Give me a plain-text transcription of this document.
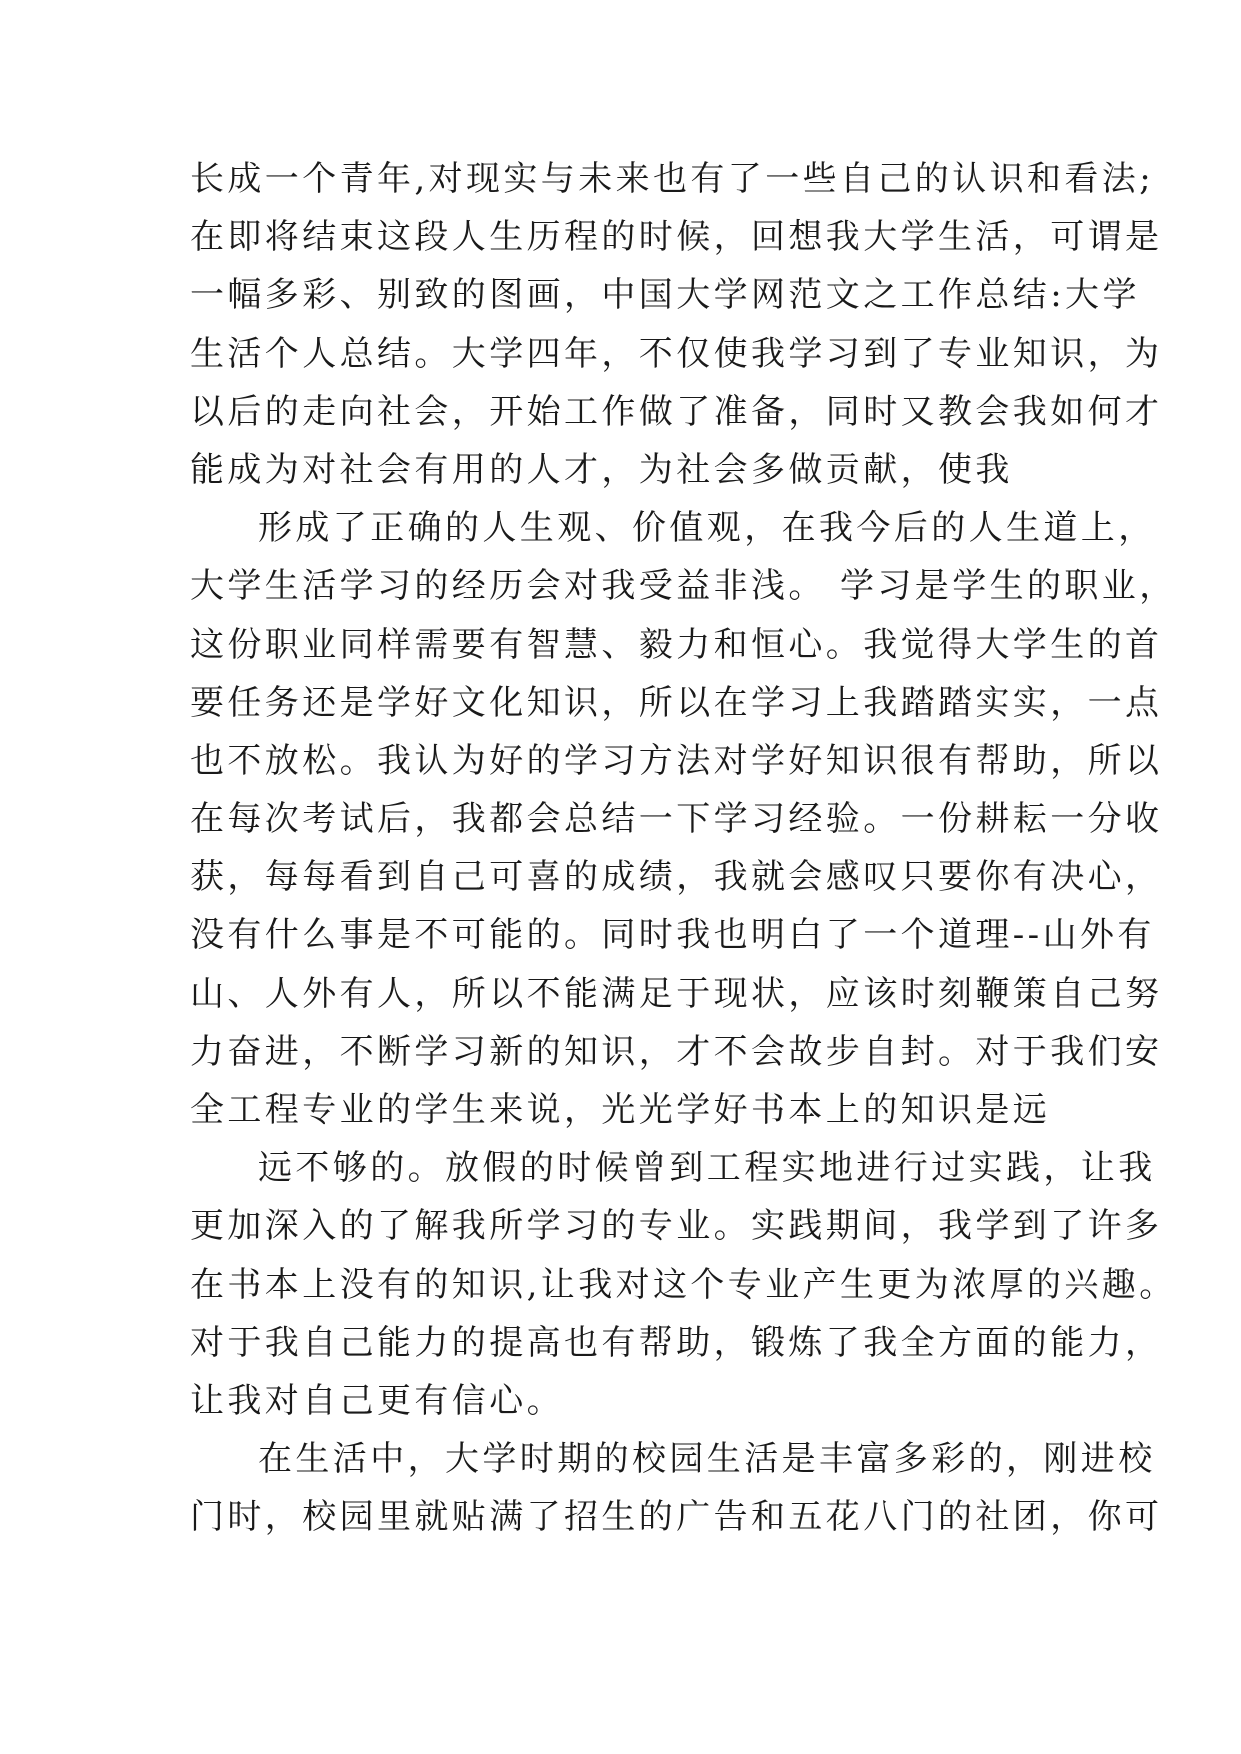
长成一个青年,对现实与未来也有了一些自己的认识和看法;
在即将结束这段人生历程的时候，回想我大学生活，可谓是
一幅多彩、别致的图画，中国大学网范文之工作总结:大学
生活个人总结。大学四年，不仅使我学习到了专业知识，为
以后的走向社会，开始工作做了准备，同时又教会我如何才
能成为对社会有用的人才，为社会多做贡献，使我
形成了正确的人生观、价值观，在我今后的人生道上，
大学生活学习的经历会对我受益非浅。 学习是学生的职业，
这份职业同样需要有智慧、毅力和恒心。我觉得大学生的首
要任务还是学好文化知识，所以在学习上我踏踏实实，一点
也不放松。我认为好的学习方法对学好知识很有帮助，所以
在每次考试后，我都会总结一下学习经验。一份耕耘一分收
获，每每看到自己可喜的成绩，我就会感叹只要你有决心，
没有什么事是不可能的。同时我也明白了一个道理--山外有
山、人外有人，所以不能满足于现状，应该时刻鞭策自己努
力奋进，不断学习新的知识，才不会故步自封。对于我们安
全工程专业的学生来说，光光学好书本上的知识是远
远不够的。放假的时候曾到工程实地进行过实践，让我
更加深入的了解我所学习的专业。实践期间，我学到了许多
在书本上没有的知识,让我对这个专业产生更为浓厚的兴趣。
对于我自己能力的提高也有帮助，锻炼了我全方面的能力，
让我对自己更有信心。
在生活中，大学时期的校园生活是丰富多彩的，刚进校
门时，校园里就贴满了招生的广告和五花八门的社团，你可
